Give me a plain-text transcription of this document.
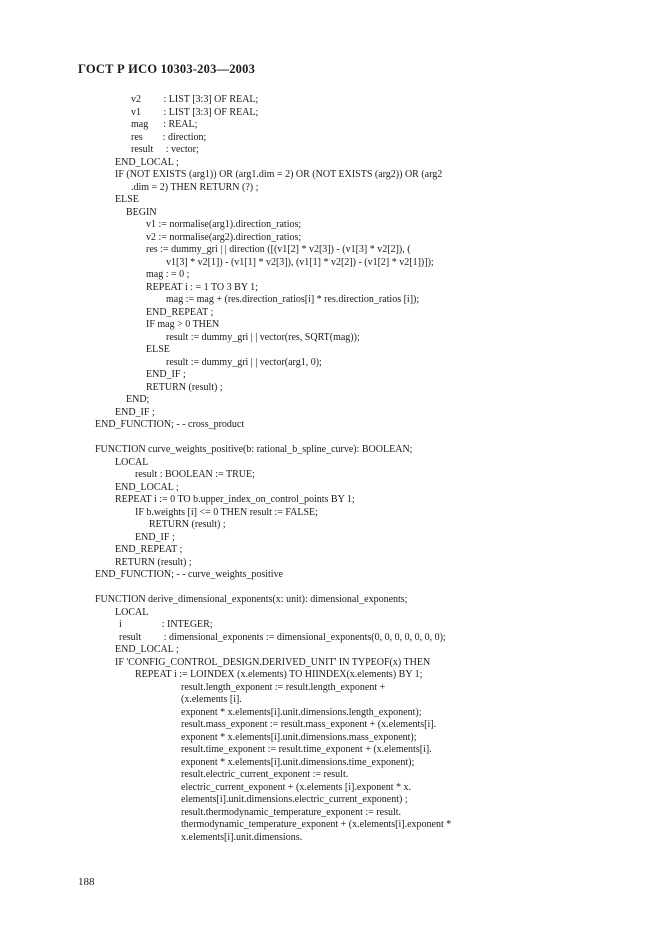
ГОСТ Р ИСО 10303-203—2003
v2         : LIST [3:3] OF REAL;
v1         : LIST [3:3] OF REAL;
mag      : REAL;
res        : direction;
result     : vector;
END_LOCAL ;
IF (NOT EXISTS (arg1)) OR (arg1.dim = 2) OR (NOT EXISTS (arg2)) OR (arg2
.dim = 2) THEN RETURN (?) ;
ELSE
BEGIN
v1 := normalise(arg1).direction_ratios;
v2 := normalise(arg2).direction_ratios;
res := dummy_gri | | direction ([(v1[2] * v2[3]) - (v1[3] * v2[2]), (
v1[3] * v2[1]) - (v1[1] * v2[3]), (v1[1] * v2[2]) - (v1[2] * v2[1])]);
mag : = 0 ;
REPEAT i : = 1 TO 3 BY 1;
mag := mag + (res.direction_ratios[i] * res.direction_ratios [i]);
END_REPEAT ;
IF mag > 0 THEN
result := dummy_gri | | vector(res, SQRT(mag));
ELSE
result := dummy_gri | | vector(arg1, 0);
END_IF ;
RETURN (result) ;
END;
END_IF ;
END_FUNCTION; - - cross_product
FUNCTION curve_weights_positive(b: rational_b_spline_curve): BOOLEAN;
LOCAL
result : BOOLEAN := TRUE;
END_LOCAL ;
REPEAT i := 0 TO b.upper_index_on_control_points BY 1;
IF b.weights [i] <= 0 THEN result := FALSE;
RETURN (result) ;
END_IF ;
END_REPEAT ;
RETURN (result) ;
END_FUNCTION; - - curve_weights_positive
FUNCTION derive_dimensional_exponents(x: unit): dimensional_exponents;
LOCAL
i                : INTEGER;
result         : dimensional_exponents := dimensional_exponents(0, 0, 0, 0, 0, 0, 0);
END_LOCAL ;
IF 'CONFIG_CONTROL_DESIGN.DERIVED_UNIT' IN TYPEOF(x) THEN
REPEAT i := LOINDEX (x.elements) TO HIINDEX(x.elements) BY 1;
result.length_exponent := result.length_exponent +
(x.elements [i].
exponent * x.elements[i].unit.dimensions.length_exponent);
result.mass_exponent := result.mass_exponent + (x.elements[i].
exponent * x.elements[i].unit.dimensions.mass_exponent);
result.time_exponent := result.time_exponent + (x.elements[i].
exponent * x.elements[i].unit.dimensions.time_exponent);
result.electric_current_exponent := result.
electric_current_exponent + (x.elements [i].exponent * x.
elements[i].unit.dimensions.electric_current_exponent) ;
result.thermodynamic_temperature_exponent := result.
thermodynamic_temperature_exponent + (x.elements[i].exponent *
x.elements[i].unit.dimensions.
188
